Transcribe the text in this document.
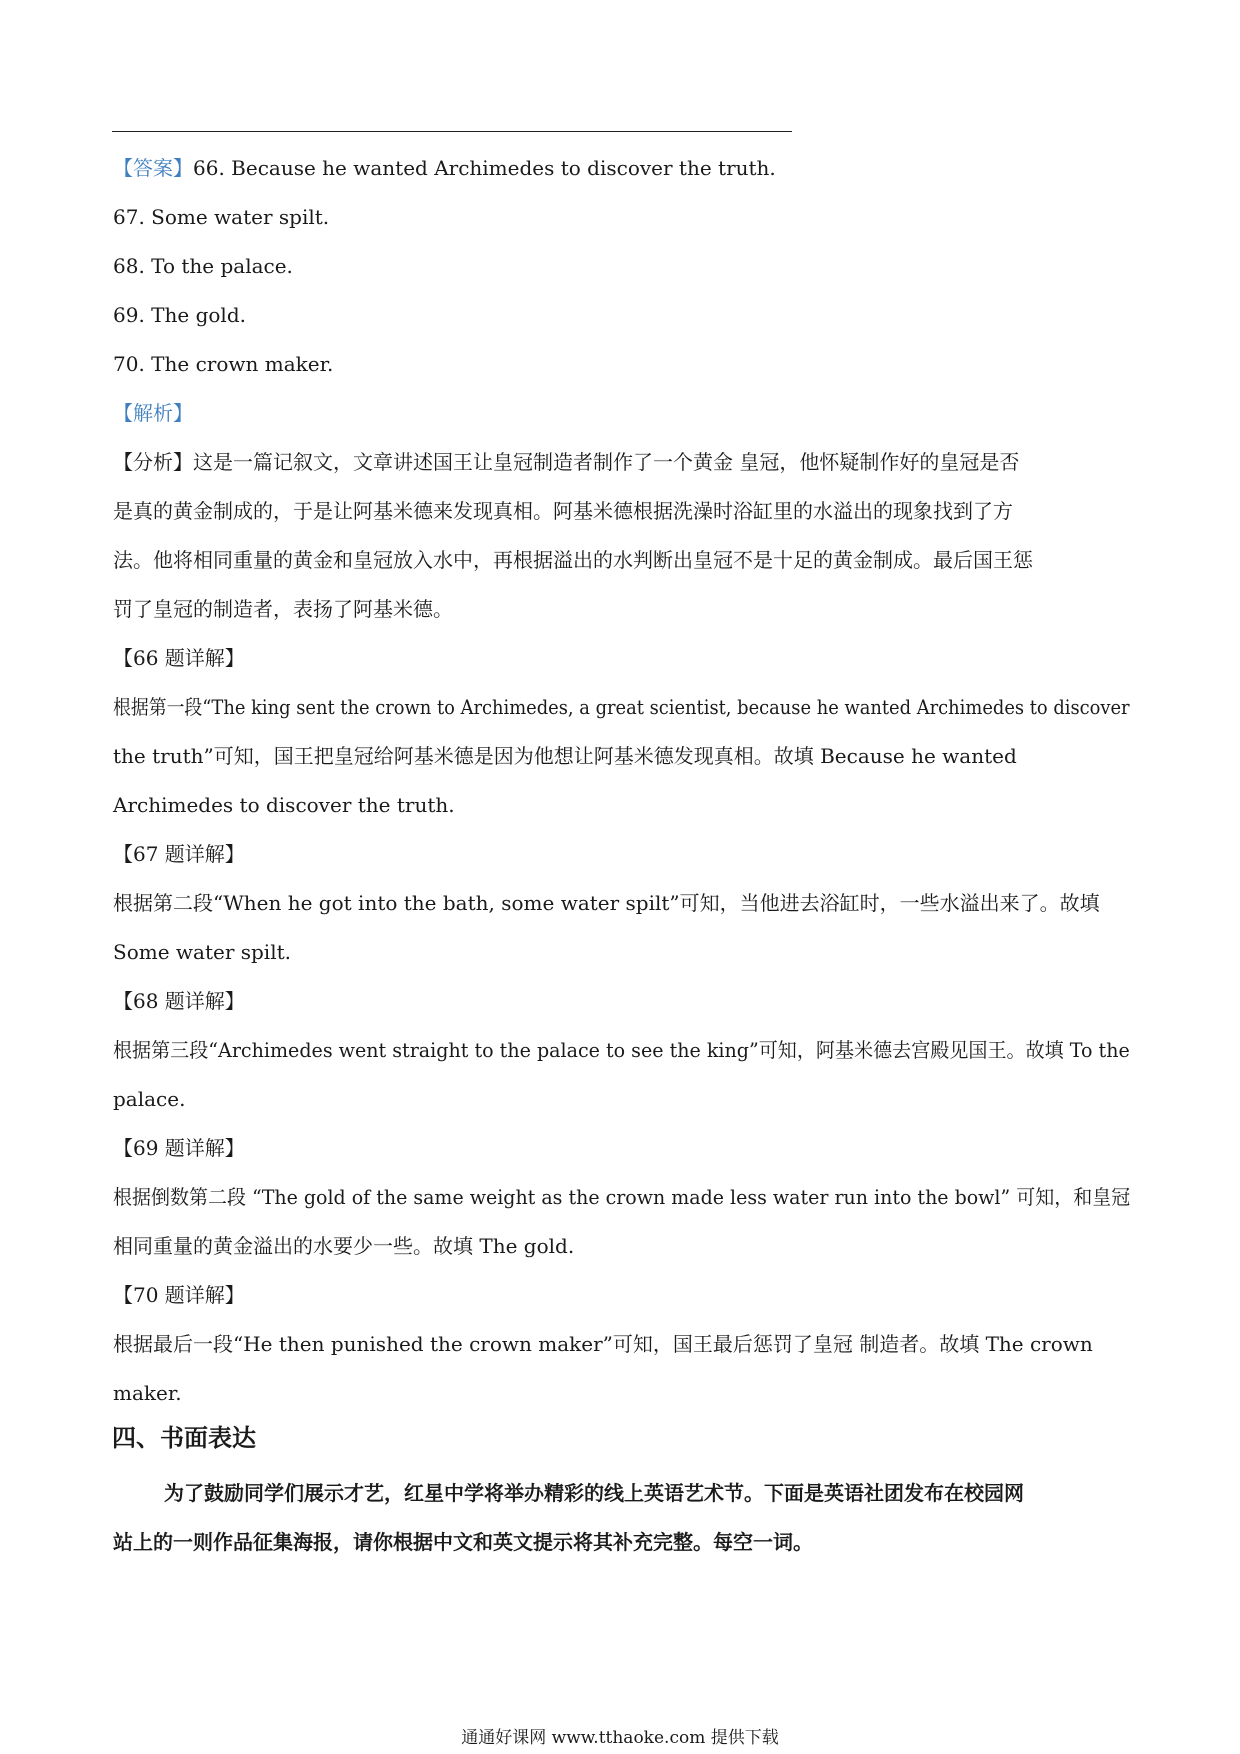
【答案】66. Because he wanted Archimedes to discover the truth.
67. Some water spilt.
68. To the palace.
69. The gold.
70. The crown maker.
【解析】
【分析】这是一篇记叙文，文章讲述国王让皇冠制造者制作了一个黄金 皇冠，他怀疑制作好的皇冠是否
是真的黄金制成的，于是让阿基米德来发现真相。阿基米德根据洗澡时浴缸里的水溢出的现象找到了方
法。他将相同重量的黄金和皇冠放入水中，再根据溢出的水判断出皇冠不是十足的黄金制成。最后国王惩
罚了皇冠的制造者，表扬了阿基米德。
【66 题详解】
根据第一段“The king sent the crown to Archimedes, a great scientist, because he wanted Archimedes to discover
the truth”可知，国王把皇冠给阿基米德是因为他想让阿基米德发现真相。故填 Because he wanted
Archimedes to discover the truth.
【67 题详解】
根据第二段“When he got into the bath, some water spilt”可知，当他进去浴缸时，一些水溢出来了。故填
Some water spilt.
【68 题详解】
根据第三段“Archimedes went straight to the palace to see the king”可知，阿基米德去宫殿见国王。故填 To the
palace.
【69 题详解】
根据倒数第二段 “The gold of the same weight as the crown made less water run into the bowl” 可知，和皇冠
相同重量的黄金溢出的水要少一些。故填 The gold.
【70 题详解】
根据最后一段“He then punished the crown maker”可知，国王最后惩罚了皇冠 制造者。故填 The crown
maker.
四、书面表达
为了鼓励同学们展示才艺，红星中学将举办精彩的线上英语艺术节。下面是英语社团发布在校园网
站上的一则作品征集海报，请你根据中文和英文提示将其补充完整。每空一词。
通通好课网 www.tthaoke.com 提供下载
